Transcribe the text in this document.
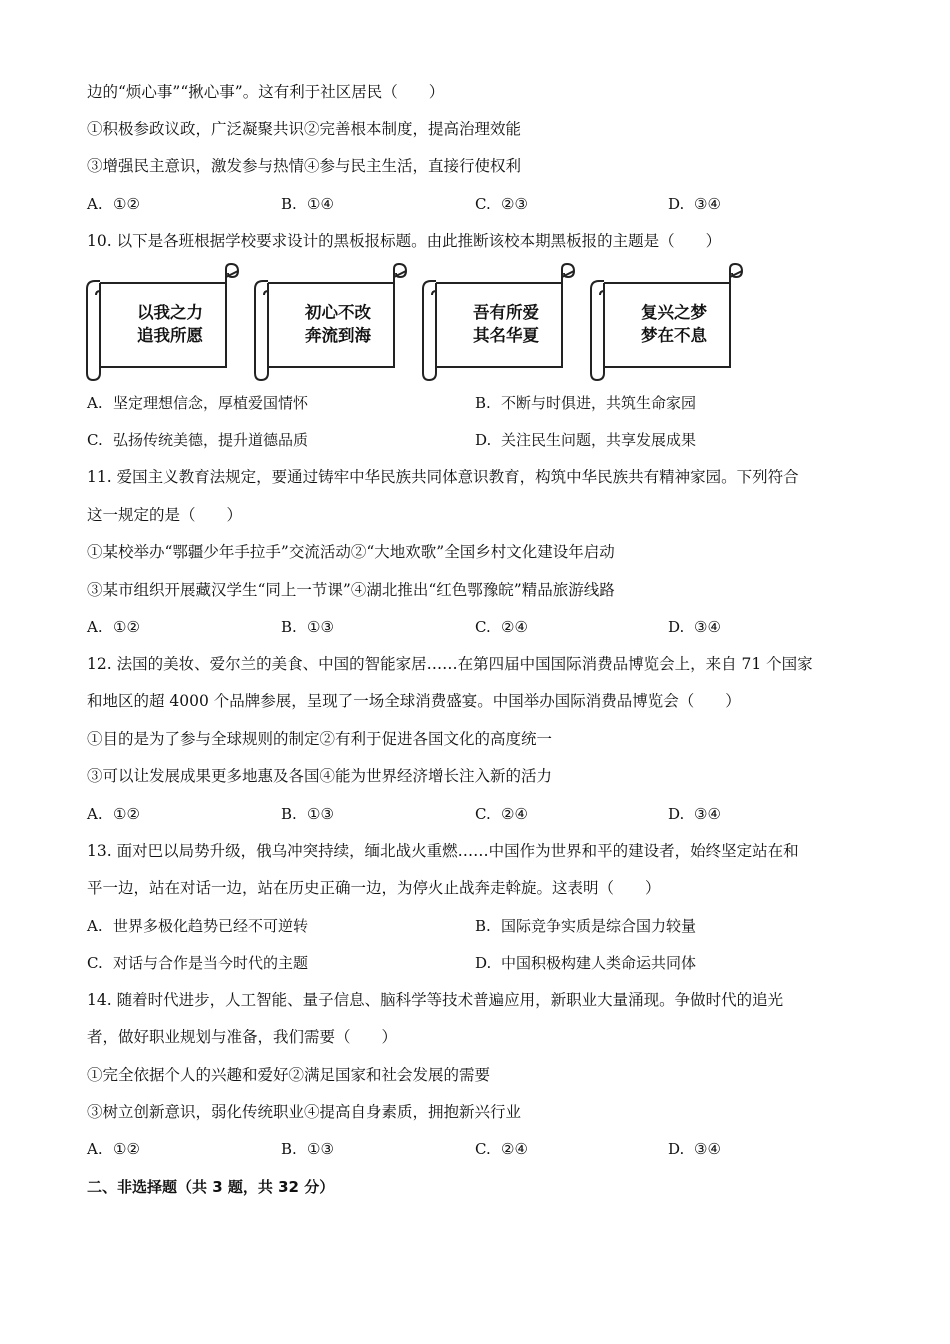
边的“烦心事”“揪心事”。这有利于社区居民（　　）
①积极参政议政，广泛凝聚共识②完善根本制度，提高治理效能
③增强民主意识，激发参与热情④参与民主生活，直接行使权利
A. ①②	B. ①④	C. ②③	D. ③④
10. 以下是各班根据学校要求设计的黑板报标题。由此推断该校本期黑板报的主题是（　　）
以我之力
追我所愿
初心不改
奔流到海
吾有所爱
其名华夏
复兴之梦
梦在不息
A. 坚定理想信念，厚植爱国情怀	B. 不断与时俱进，共筑生命家园
C. 弘扬传统美德，提升道德品质	D. 关注民生问题，共享发展成果
11. 爱国主义教育法规定，要通过铸牢中华民族共同体意识教育，构筑中华民族共有精神家园。下列符合
这一规定的是（　　）
①某校举办“鄂疆少年手拉手”交流活动②“大地欢歌”全国乡村文化建设年启动
③某市组织开展藏汉学生“同上一节课”④湖北推出“红色鄂豫皖”精品旅游线路
A. ①②	B. ①③	C. ②④	D. ③④
12. 法国的美妆、爱尔兰的美食、中国的智能家居……在第四届中国国际消费品博览会上，来自 71 个国家
和地区的超 4000 个品牌参展，呈现了一场全球消费盛宴。中国举办国际消费品博览会（　　）
①目的是为了参与全球规则的制定②有利于促进各国文化的高度统一
③可以让发展成果更多地惠及各国④能为世界经济增长注入新的活力
A. ①②	B. ①③	C. ②④	D. ③④
13. 面对巴以局势升级，俄乌冲突持续，缅北战火重燃……中国作为世界和平的建设者，始终坚定站在和
平一边，站在对话一边，站在历史正确一边，为停火止战奔走斡旋。这表明（　　）
A. 世界多极化趋势已经不可逆转	B. 国际竞争实质是综合国力较量
C. 对话与合作是当今时代的主题	D. 中国积极构建人类命运共同体
14. 随着时代进步，人工智能、量子信息、脑科学等技术普遍应用，新职业大量涌现。争做时代的追光
者，做好职业规划与准备，我们需要（　　）
①完全依据个人的兴趣和爱好②满足国家和社会发展的需要
③树立创新意识，弱化传统职业④提高自身素质，拥抱新兴行业
A. ①②	B. ①③	C. ②④	D. ③④
二、非选择题（共 3 题，共 32 分）
